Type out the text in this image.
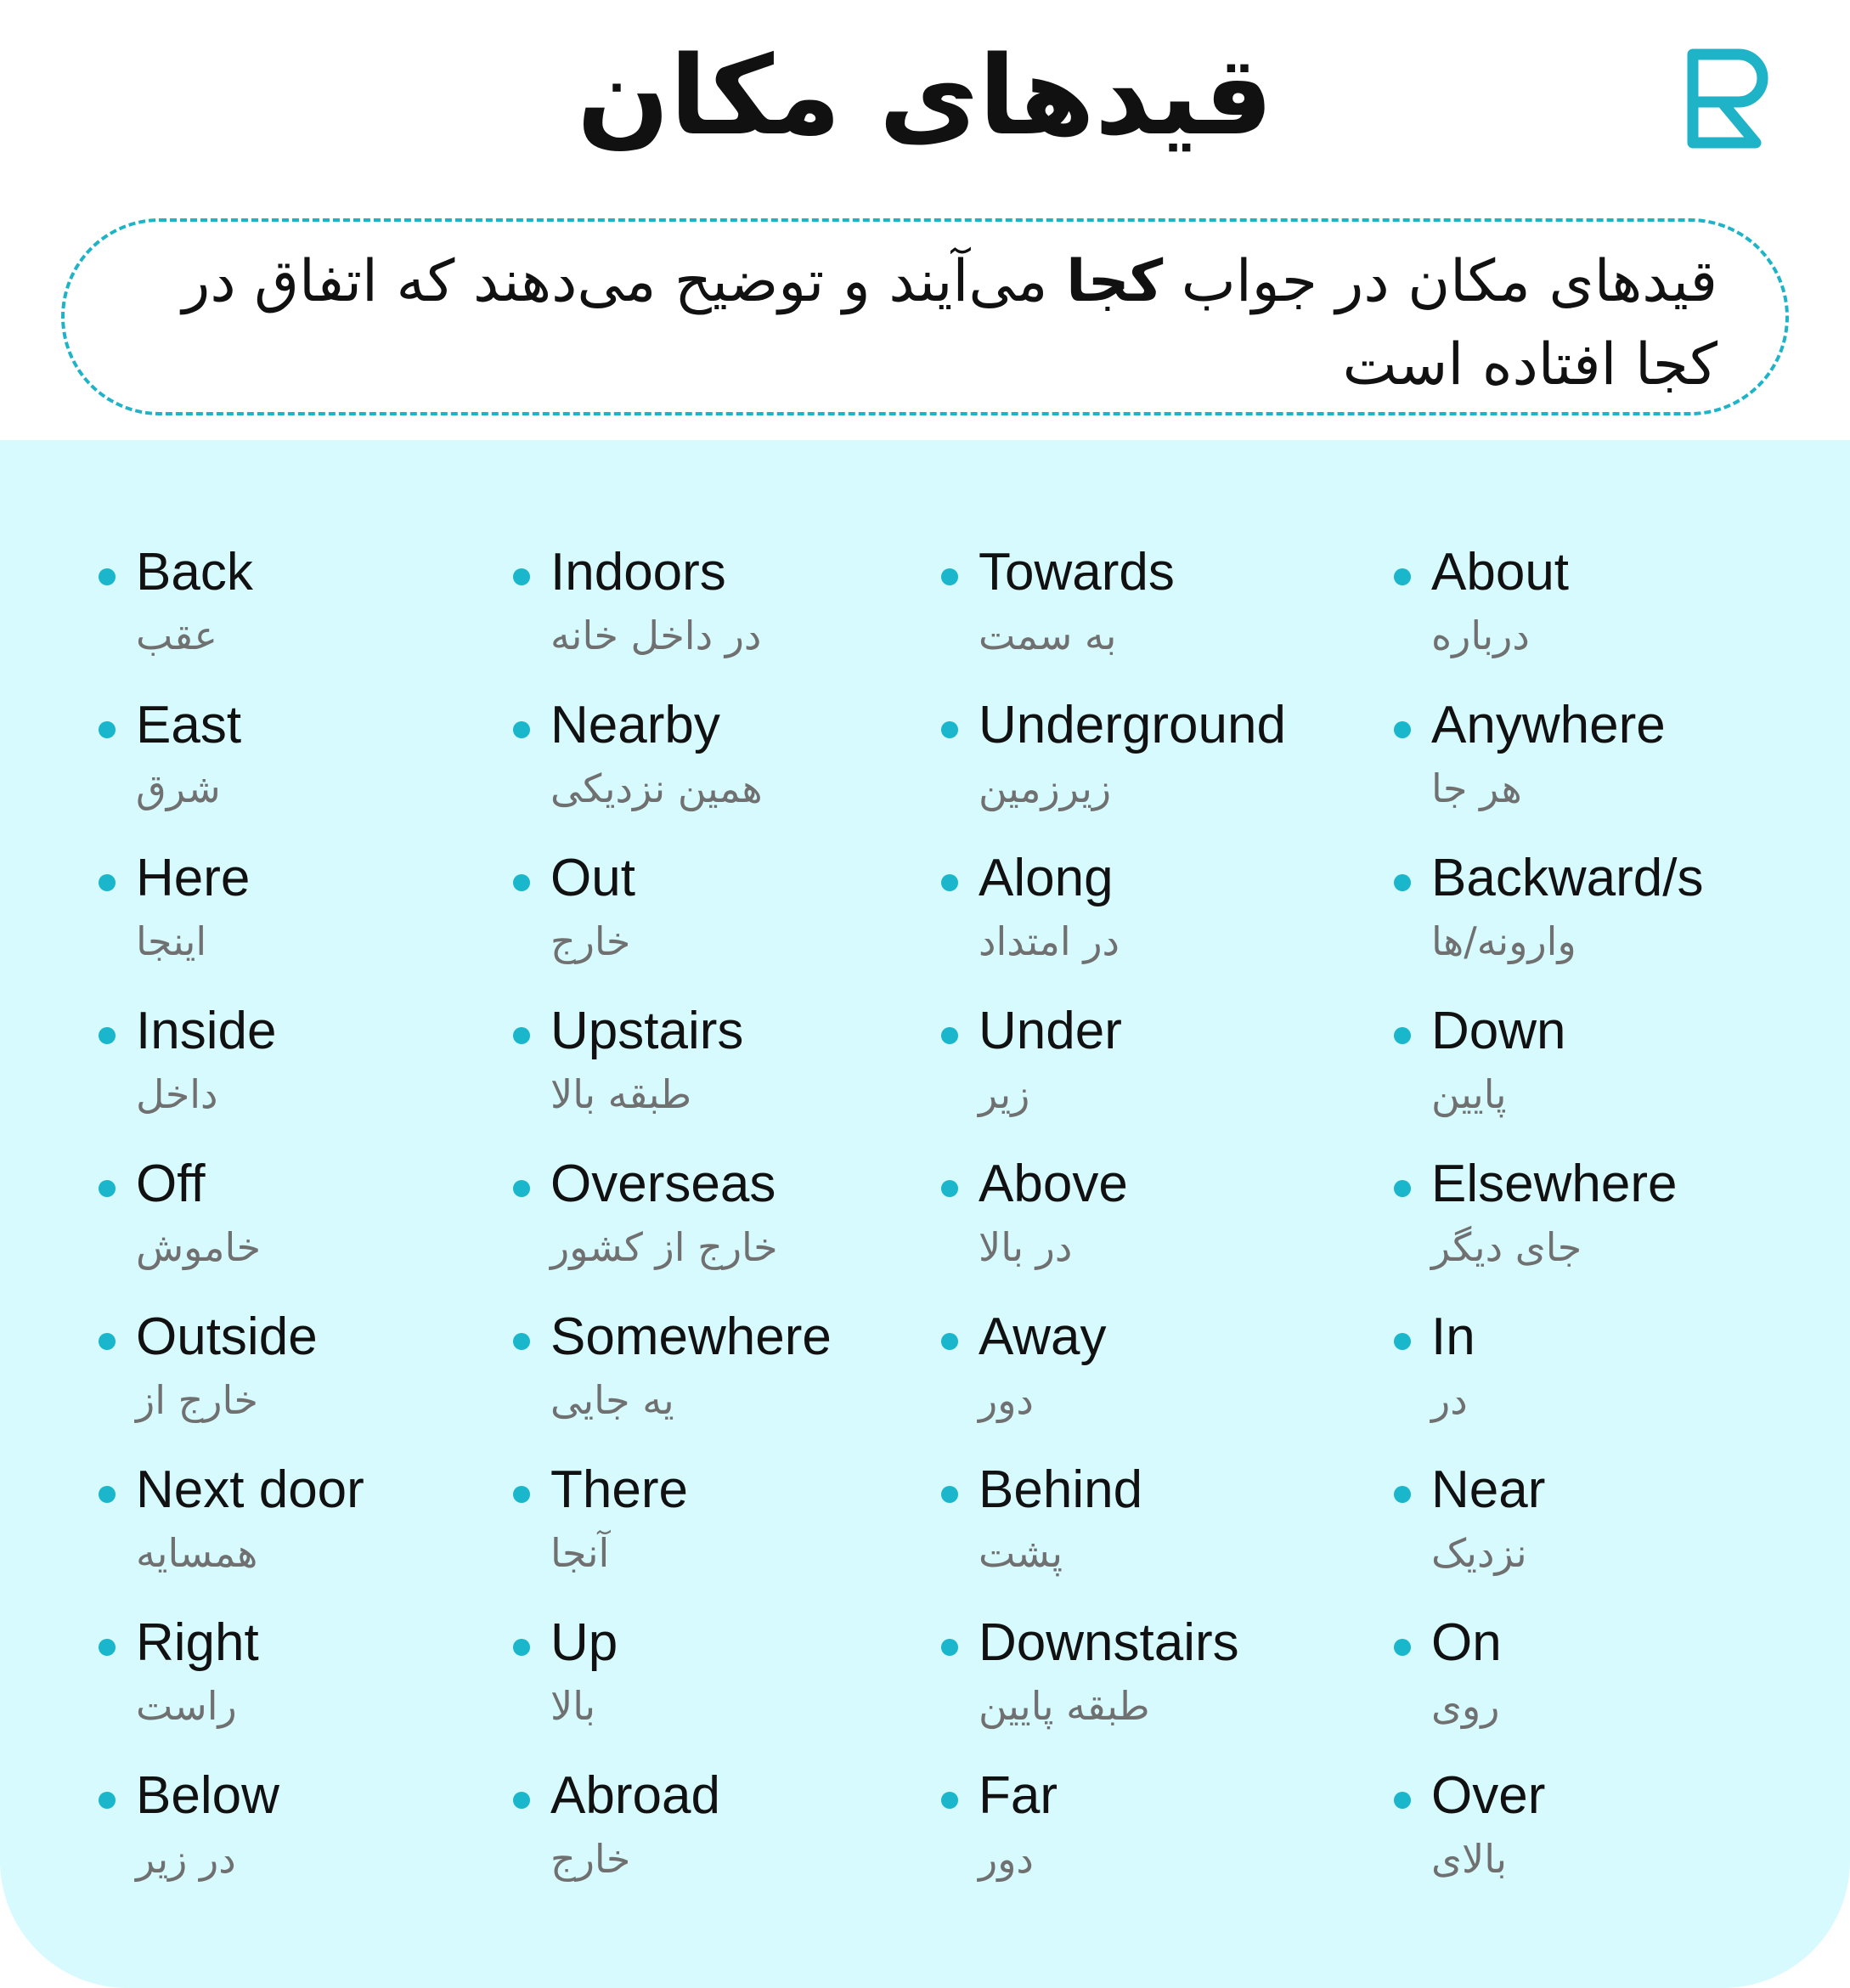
قیدهای مکان
قیدهای مکان در جواب کجا می‌آیند و توضیح می‌دهند که اتفاق در کجا افتاده است
Back
عقب
East
شرق
Here
اینجا
Inside
داخل
Off
خاموش
Outside
خارج از
Next door
همسایه
Right
راست
Below
در زیر
Indoors
در داخل خانه
Nearby
همین نزدیکی
Out
خارج
Upstairs
طبقه بالا
Overseas
خارج از کشور
Somewhere
یه جایی
There
آنجا
Up
بالا
Abroad
خارج
Towards
به سمت
Underground
زیرزمین
Along
در امتداد
Under
زیر
Above
در بالا
Away
دور
Behind
پشت
Downstairs
طبقه پایین
Far
دور
About
درباره
Anywhere
هر جا
Backward/s
وارونه/ها
Down
پایین
Elsewhere
جای دیگر
In
در
Near
نزدیک
On
روی
Over
بالای
